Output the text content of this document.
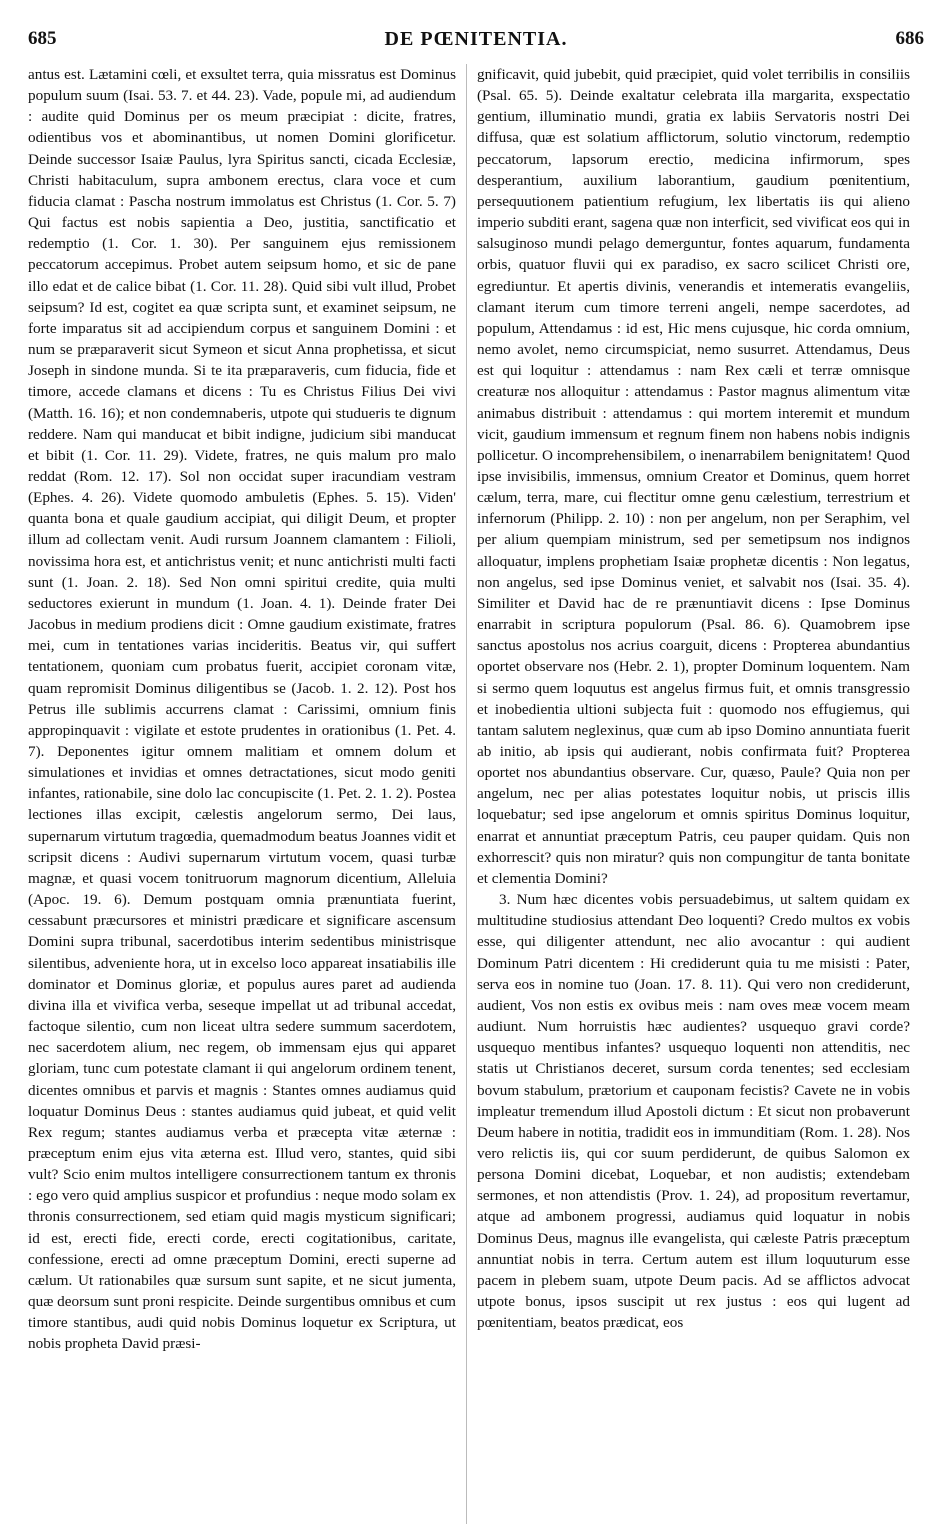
685	DE PŒNITENTIA.	686

antus est. Lætamini cœli, et exsultet terra, quia missratus est Dominus populum suum (Isai. 53. 7. et 44. 23). Vade, popule mi, ad audiendum : audite quid Dominus per os meum præcipiat : dicite, fratres, odientibus vos et abominantibus, ut nomen Domini glorificetur. Deinde successor Isaiæ Paulus, lyra Spiritus sancti, cicada Ecclesiæ, Christi habitaculum, supra ambonem erectus, clara voce et cum fiducia clamat : Pascha nostrum immolatus est Christus (1. Cor. 5. 7) Qui factus est nobis sapientia a Deo, justitia, sanctificatio et redemptio (1. Cor. 1. 30). Per sanguinem ejus remissionem peccatorum accepimus. Probet autem seipsum homo, et sic de pane illo edat et de calice bibat (1. Cor. 11. 28). Quid sibi vult illud, Probet seipsum? Id est, cogitet ea quæ scripta sunt, et examinet seipsum, ne forte imparatus sit ad accipiendum corpus et sanguinem Domini : et num se præparaverit sicut Symeon et sicut Anna prophetissa, et sicut Joseph in sindone munda. Si te ita præparaveris, cum fiducia, fide et timore, accede clamans et dicens : Tu es Christus Filius Dei vivi (Matth. 16. 16); et non condemnaberis, utpote qui studueris te dignum reddere. Nam qui manducat et bibit indigne, judicium sibi manducat et bibit (1. Cor. 11. 29). Videte, fratres, ne quis malum pro malo reddat (Rom. 12. 17). Sol non occidat super iracundiam vestram (Ephes. 4. 26). Videte quomodo ambuletis (Ephes. 5. 15). Viden' quanta bona et quale gaudium accipiat, qui diligit Deum, et propter illum ad collectam venit. Audi rursum Joannem clamantem : Filioli, novissima hora est, et antichristus venit; et nunc antichristi multi facti sunt (1. Joan. 2. 18). Sed Non omni spiritui credite, quia multi seductores exierunt in mundum (1. Joan. 4. 1). Deinde frater Dei Jacobus in medium prodiens dicit : Omne gaudium existimate, fratres mei, cum in tentationes varias incideritis. Beatus vir, qui suffert tentationem, quoniam cum probatus fuerit, accipiet coronam vitæ, quam repromisit Dominus diligentibus se (Jacob. 1. 2. 12). Post hos Petrus ille sublimis accurrens clamat : Carissimi, omnium finis appropinquavit : vigilate et estote prudentes in orationibus (1. Pet. 4. 7). Deponentes igitur omnem malitiam et omnem dolum et simulationes et invidias et omnes detractationes, sicut modo geniti infantes, rationabile, sine dolo lac concupiscite (1. Pet. 2. 1. 2). Postea lectiones illas excipit, cælestis angelorum sermo, Dei laus, supernarum virtutum tragœdia, quemadmodum beatus Joannes vidit et scripsit dicens : Audivi supernarum virtutum vocem, quasi turbæ magnæ, et quasi vocem tonitruorum magnorum dicentium, Alleluia (Apoc. 19. 6). Demum postquam omnia prænuntiata fuerint, cessabunt præcursores et ministri prædicare et significare ascensum Domini supra tribunal, sacerdotibus interim sedentibus ministrisque silentibus, adveniente hora, ut in excelso loco appareat insatiabilis ille dominator et Dominus gloriæ, et populus aures paret ad audienda divina illa et vivifica verba, seseque impellat ut ad tribunal accedat, factoque silentio, cum non liceat ultra sedere summum sacerdotem, nec sacerdotem alium, nec regem, ob immensam ejus qui apparet gloriam, tunc cum potestate clamant ii qui angelorum ordinem tenent, dicentes omnibus et parvis et magnis : Stantes omnes audiamus quid loquatur Dominus Deus : stantes audiamus quid jubeat, et quid velit Rex regum; stantes audiamus verba et præcepta vitæ æternæ : præceptum enim ejus vita æterna est. Illud vero, stantes, quid sibi vult? Scio enim multos intelligere consurrectionem tantum ex thronis : ego vero quid amplius suspicor et profundius : neque modo solam ex thronis consurrectionem, sed etiam quid magis mysticum significari; id est, erecti fide, erecti corde, erecti cogitationibus, caritate, confessione, erecti ad omne præceptum Domini, erecti superne ad cælum. Ut rationabiles quæ sursum sunt sapite, et ne sicut jumenta, quæ deorsum sunt proni respicite. Deinde surgentibus omnibus et cum timore stantibus, audi quid nobis Dominus loquetur ex Scriptura, ut nobis propheta David præsi-

gnificavit, quid jubebit, quid præcipiet, quid volet terribilis in consiliis (Psal. 65. 5). Deinde exaltatur celebrata illa margarita, exspectatio gentium, illuminatio mundi, gratia ex labiis Servatoris nostri Dei diffusa, quæ est solatium afflictorum, solutio vinctorum, redemptio peccatorum, lapsorum erectio, medicina infirmorum, spes desperantium, auxilium laborantium, gaudium pœnitentium, persequutionem patientium refugium, lex libertatis iis qui alieno imperio subditi erant, sagena quæ non interficit, sed vivificat eos qui in salsuginoso mundi pelago demerguntur, fontes aquarum, fundamenta orbis, quatuor fluvii qui ex paradiso, ex sacro scilicet Christi ore, egrediuntur. Et apertis divinis, venerandis et intemeratis evangeliis, clamant iterum cum timore terreni angeli, nempe sacerdotes, ad populum, Attendamus : id est, Hic mens cujusque, hic corda omnium, nemo avolet, nemo circumspiciat, nemo susurret. Attendamus, Deus est qui loquitur : attendamus : nam Rex cæli et terræ omnisque creaturæ nos alloquitur : attendamus : Pastor magnus alimentum vitæ animabus distribuit : attendamus : qui mortem interemit et mundum vicit, gaudium immensum et regnum finem non habens nobis indignis pollicetur. O incomprehensibilem, o inenarrabilem benignitatem! Quod ipse invisibilis, immensus, omnium Creator et Dominus, quem horret cælum, terra, mare, cui flectitur omne genu cælestium, terrestrium et infernorum (Philipp. 2. 10) : non per angelum, non per Seraphim, vel per alium quempiam ministrum, sed per semetipsum nos indignos alloquatur, implens prophetiam Isaiæ prophetæ dicentis : Non legatus, non angelus, sed ipse Dominus veniet, et salvabit nos (Isai. 35. 4). Similiter et David hac de re prænuntiavit dicens : Ipse Dominus enarrabit in scriptura populorum (Psal. 86. 6). Quamobrem ipse sanctus apostolus nos acrius coarguit, dicens : Propterea abundantius oportet observare nos (Hebr. 2. 1), propter Dominum loquentem. Nam si sermo quem loquutus est angelus firmus fuit, et omnis transgressio et inobedientia ultioni subjecta fuit : quomodo nos effugiemus, qui tantam salutem neglexinus, quæ cum ab ipso Domino annuntiata fuerit ab initio, ab ipsis qui audierant, nobis confirmata fuit? Propterea oportet nos abundantius observare. Cur, quæso, Paule? Quia non per angelum, nec per alias potestates loquitur nobis, ut priscis illis loquebatur; sed ipse angelorum et omnis spiritus Dominus loquitur, enarrat et annuntiat præceptum Patris, ceu pauper quidam. Quis non exhorrescit? quis non miratur? quis non compungitur de tanta bonitate et clementia Domini?

3. Num hæc dicentes vobis persuadebimus, ut saltem quidam ex multitudine studiosius attendant Deo loquenti? Credo multos ex vobis esse, qui diligenter attendunt, nec alio avocantur : qui audient Dominum Patri dicentem : Hi crediderunt quia tu me misisti : Pater, serva eos in nomine tuo (Joan. 17. 8. 11). Qui vero non crediderunt, audient, Vos non estis ex ovibus meis : nam oves meæ vocem meam audiunt. Num horruistis hæc audientes? usquequo gravi corde? usquequo mentibus infantes? usquequo loquenti non attenditis, nec statis ut Christianos deceret, sursum corda tenentes; sed ecclesiam bovum stabulum, prætorium et cauponam fecistis? Cavete ne in vobis impleatur tremendum illud Apostoli dictum : Et sicut non probaverunt Deum habere in notitia, tradidit eos in immunditiam (Rom. 1. 28). Nos vero relictis iis, qui cor suum perdiderunt, de quibus Salomon ex persona Domini dicebat, Loquebar, et non audistis; extendebam sermones, et non attendistis (Prov. 1. 24), ad propositum revertamur, atque ad ambonem progressi, audiamus quid loquatur in nobis Dominus Deus, magnus ille evangelista, qui cæleste Patris præceptum annuntiat nobis in terra. Certum autem est illum loquuturum esse pacem in plebem suam, utpote Deum pacis. Ad se afflictos advocat utpote bonus, ipsos suscipit ut rex justus : eos qui lugent ad pœnitentiam, beatos prædicat, eos
